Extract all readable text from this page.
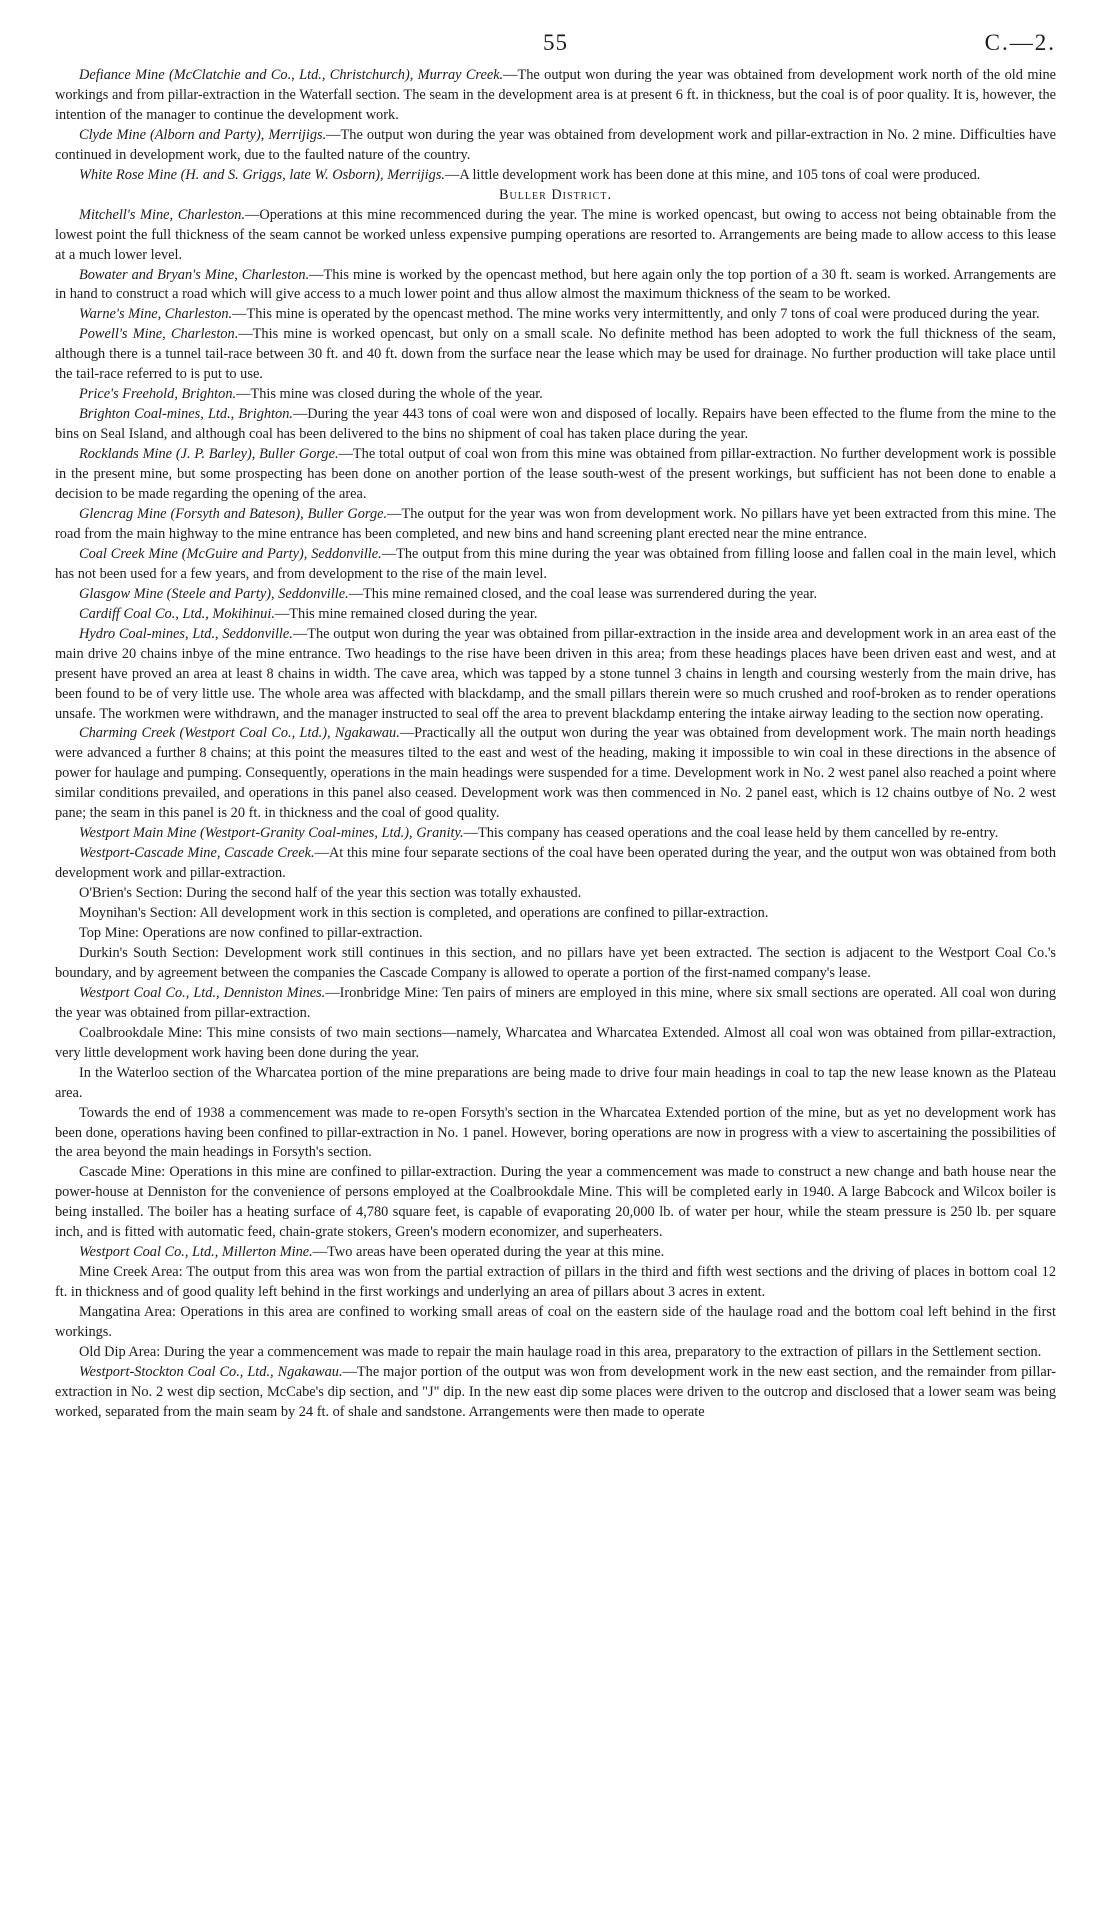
55	C.—2.

Defiance Mine (McClatchie and Co., Ltd., Christchurch), Murray Creek.—The output won during the year was obtained from development work north of the old mine workings and from pillar-extraction in the Waterfall section. The seam in the development area is at present 6 ft. in thickness, but the coal is of poor quality. It is, however, the intention of the manager to continue the development work.

Clyde Mine (Alborn and Party), Merrijigs.—The output won during the year was obtained from development work and pillar-extraction in No. 2 mine. Difficulties have continued in development work, due to the faulted nature of the country.

White Rose Mine (H. and S. Griggs, late W. Osborn), Merrijigs.—A little development work has been done at this mine, and 105 tons of coal were produced.

Buller District.

Mitchell's Mine, Charleston.—Operations at this mine recommenced during the year. The mine is worked opencast, but owing to access not being obtainable from the lowest point the full thickness of the seam cannot be worked unless expensive pumping operations are resorted to. Arrangements are being made to allow access to this lease at a much lower level.

Bowater and Bryan's Mine, Charleston.—This mine is worked by the opencast method, but here again only the top portion of a 30 ft. seam is worked. Arrangements are in hand to construct a road which will give access to a much lower point and thus allow almost the maximum thickness of the seam to be worked.

Warne's Mine, Charleston.—This mine is operated by the opencast method. The mine works very intermittently, and only 7 tons of coal were produced during the year.

Powell's Mine, Charleston.—This mine is worked opencast, but only on a small scale. No definite method has been adopted to work the full thickness of the seam, although there is a tunnel tail-race between 30 ft. and 40 ft. down from the surface near the lease which may be used for drainage. No further production will take place until the tail-race referred to is put to use.

Price's Freehold, Brighton.—This mine was closed during the whole of the year.

Brighton Coal-mines, Ltd., Brighton.—During the year 443 tons of coal were won and disposed of locally. Repairs have been effected to the flume from the mine to the bins on Seal Island, and although coal has been delivered to the bins no shipment of coal has taken place during the year.

Rocklands Mine (J. P. Barley), Buller Gorge.—The total output of coal won from this mine was obtained from pillar-extraction. No further development work is possible in the present mine, but some prospecting has been done on another portion of the lease south-west of the present workings, but sufficient has not been done to enable a decision to be made regarding the opening of the area.

Glencrag Mine (Forsyth and Bateson), Buller Gorge.—The output for the year was won from development work. No pillars have yet been extracted from this mine. The road from the main highway to the mine entrance has been completed, and new bins and hand screening plant erected near the mine entrance.

Coal Creek Mine (McGuire and Party), Seddonville.—The output from this mine during the year was obtained from filling loose and fallen coal in the main level, which has not been used for a few years, and from development to the rise of the main level.

Glasgow Mine (Steele and Party), Seddonville.—This mine remained closed, and the coal lease was surrendered during the year.

Cardiff Coal Co., Ltd., Mokihinui.—This mine remained closed during the year.

Hydro Coal-mines, Ltd., Seddonville.—The output won during the year was obtained from pillar-extraction in the inside area and development work in an area east of the main drive 20 chains inbye of the mine entrance. Two headings to the rise have been driven in this area; from these headings places have been driven east and west, and at present have proved an area at least 8 chains in width. The cave area, which was tapped by a stone tunnel 3 chains in length and coursing westerly from the main drive, has been found to be of very little use. The whole area was affected with blackdamp, and the small pillars therein were so much crushed and roof-broken as to render operations unsafe. The workmen were withdrawn, and the manager instructed to seal off the area to prevent blackdamp entering the intake airway leading to the section now operating.

Charming Creek (Westport Coal Co., Ltd.), Ngakawau.—Practically all the output won during the year was obtained from development work. The main north headings were advanced a further 8 chains; at this point the measures tilted to the east and west of the heading, making it impossible to win coal in these directions in the absence of power for haulage and pumping. Consequently, operations in the main headings were suspended for a time. Development work in No. 2 west panel also reached a point where similar conditions prevailed, and operations in this panel also ceased. Development work was then commenced in No. 2 panel east, which is 12 chains outbye of No. 2 west pane; the seam in this panel is 20 ft. in thickness and the coal of good quality.

Westport Main Mine (Westport-Granity Coal-mines, Ltd.), Granity.—This company has ceased operations and the coal lease held by them cancelled by re-entry.

Westport-Cascade Mine, Cascade Creek.—At this mine four separate sections of the coal have been operated during the year, and the output won was obtained from both development work and pillar-extraction.

O'Brien's Section: During the second half of the year this section was totally exhausted.

Moynihan's Section: All development work in this section is completed, and operations are confined to pillar-extraction.

Top Mine: Operations are now confined to pillar-extraction.

Durkin's South Section: Development work still continues in this section, and no pillars have yet been extracted. The section is adjacent to the Westport Coal Co.'s boundary, and by agreement between the companies the Cascade Company is allowed to operate a portion of the first-named company's lease.

Westport Coal Co., Ltd., Denniston Mines.—Ironbridge Mine: Ten pairs of miners are employed in this mine, where six small sections are operated. All coal won during the year was obtained from pillar-extraction.

Coalbrookdale Mine: This mine consists of two main sections—namely, Wharcatea and Wharcatea Extended. Almost all coal won was obtained from pillar-extraction, very little development work having been done during the year.

In the Waterloo section of the Wharcatea portion of the mine preparations are being made to drive four main headings in coal to tap the new lease known as the Plateau area.

Towards the end of 1938 a commencement was made to re-open Forsyth's section in the Wharcatea Extended portion of the mine, but as yet no development work has been done, operations having been confined to pillar-extraction in No. 1 panel. However, boring operations are now in progress with a view to ascertaining the possibilities of the area beyond the main headings in Forsyth's section.

Cascade Mine: Operations in this mine are confined to pillar-extraction. During the year a commencement was made to construct a new change and bath house near the power-house at Denniston for the convenience of persons employed at the Coalbrookdale Mine. This will be completed early in 1940. A large Babcock and Wilcox boiler is being installed. The boiler has a heating surface of 4,780 square feet, is capable of evaporating 20,000 lb. of water per hour, while the steam pressure is 250 lb. per square inch, and is fitted with automatic feed, chain-grate stokers, Green's modern economizer, and superheaters.

Westport Coal Co., Ltd., Millerton Mine.—Two areas have been operated during the year at this mine.

Mine Creek Area: The output from this area was won from the partial extraction of pillars in the third and fifth west sections and the driving of places in bottom coal 12 ft. in thickness and of good quality left behind in the first workings and underlying an area of pillars about 3 acres in extent.

Mangatina Area: Operations in this area are confined to working small areas of coal on the eastern side of the haulage road and the bottom coal left behind in the first workings.

Old Dip Area: During the year a commencement was made to repair the main haulage road in this area, preparatory to the extraction of pillars in the Settlement section.

Westport-Stockton Coal Co., Ltd., Ngakawau.—The major portion of the output was won from development work in the new east section, and the remainder from pillar-extraction in No. 2 west dip section, McCabe's dip section, and "J" dip. In the new east dip some places were driven to the outcrop and disclosed that a lower seam was being worked, separated from the main seam by 24 ft. of shale and sandstone. Arrangements were then made to operate
